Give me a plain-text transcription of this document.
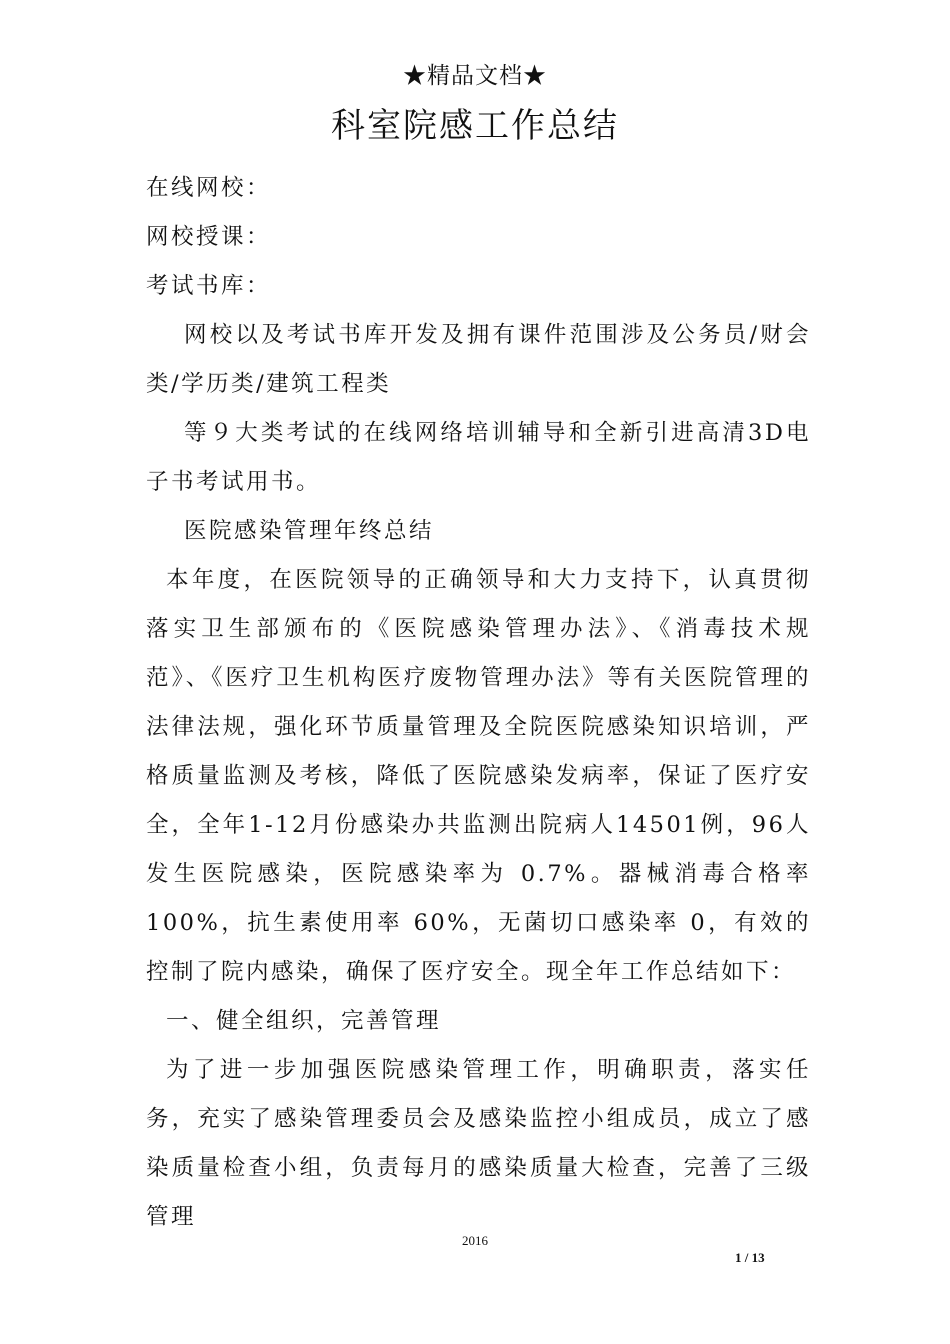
★精品文档★
科室院感工作总结

在线网校：

网校授课：

考试书库：

网校以及考试书库开发及拥有课件范围涉及公务员/财会类/学历类/建筑工程类

等９大类考试的在线网络培训辅导和全新引进高清3D电子书考试用书。

医院感染管理年终总结

本年度，在医院领导的正确领导和大力支持下，认真贯彻落实卫生部颁布的《医院感染管理办法》、《消毒技术规范》、《医疗卫生机构医疗废物管理办法》等有关医院管理的法律法规，强化环节质量管理及全院医院感染知识培训，严格质量监测及考核，降低了医院感染发病率，保证了医疗安全，全年1-12月份感染办共监测出院病人14501例，96人发生医院感染，医院感染率为 0.7%。器械消毒合格率 100%，抗生素使用率 60%，无菌切口感染率 0，有效的控制了院内感染，确保了医疗安全。现全年工作总结如下：

一、健全组织，完善管理

为了进一步加强医院感染管理工作，明确职责，落实任务，充实了感染管理委员会及感染监控小组成员，成立了感染质量检查小组，负责每月的感染质量大检查，完善了三级管理

2016
1 / 13
